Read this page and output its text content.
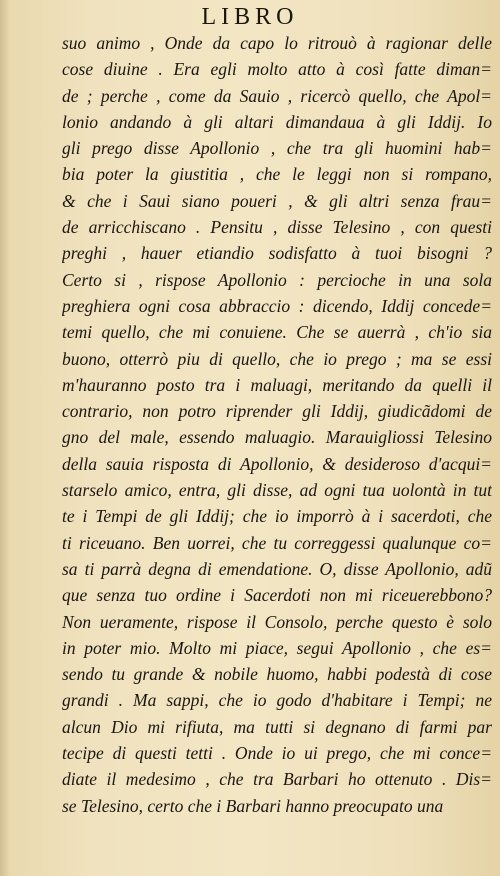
LIBRO
suo animo , Onde da capo lo ritrouò à ragionar delle
cose diuine . Era egli molto atto à così fatte diman=
de ; perche , come da Sauio , ricercò quello, che Apol=
lonio andando à gli altari dimandaua à gli Iddij. Io
gli prego disse Apollonio , che tra gli huomini hab=
bia poter la giustitia , che le leggi non si rompano,
& che i Saui siano poueri , & gli altri senza frau=
de arricchiscano . Pensitu , disse Telesino , con questi
preghi , hauer etiandio sodisfatto à tuoi bisogni ?
Certo si , rispose Apollonio : percioche in una sola
preghiera ogni cosa abbraccio : dicendo, Iddij concede=
temi quello, che mi conuiene. Che se auerrà , ch'io sia
buono, otterrò piu di quello, che io prego ; ma se essi
m'hauranno posto tra i maluagi, meritando da quelli il
contrario, non potro riprender gli Iddij, giudicãdomi de
gno del male, essendo maluagio. Marauigliossi Telesino
della sauia risposta di Apollonio, & desideroso d'acqui=
starselo amico, entra, gli disse, ad ogni tua uolontà in tut
te i Tempi de gli Iddij; che io imporrò à i sacerdoti, che
ti riceuano. Ben uorrei, che tu correggessi qualunque co=
sa ti parrà degna di emendatione. O, disse Apollonio, adũ
que senza tuo ordine i Sacerdoti non mi riceuerebbono?
Non ueramente, rispose il Consolo, perche questo è solo
in poter mio. Molto mi piace, segui Apollonio , che es=
sendo tu grande & nobile huomo, habbi podestà di cose
grandi . Ma sappi, che io godo d'habitare i Tempi; ne
alcun Dio mi rifiuta, ma tutti si degnano di farmi par
tecipe di questi tetti . Onde io ui prego, che mi conce=
diate il medesimo , che tra Barbari ho ottenuto . Dis=
se Telesino, certo che i Barbari hanno preocupato una
